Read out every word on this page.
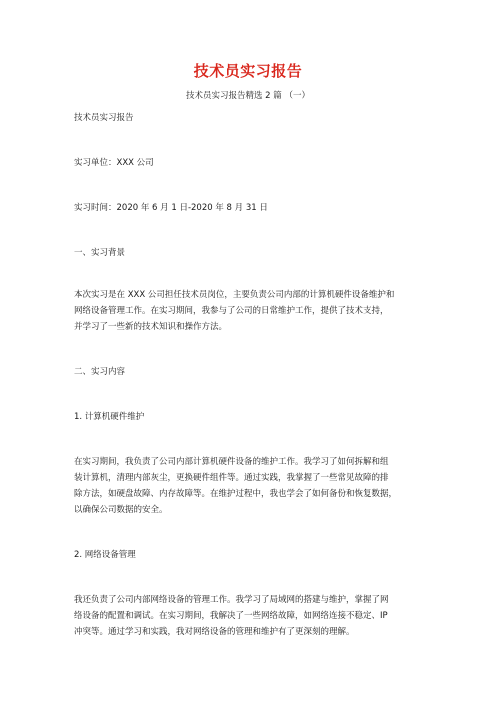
技术员实习报告
技术员实习报告精选 2 篇 （一）

技术员实习报告

实习单位：XXX 公司

实习时间：2020 年 6 月 1 日-2020 年 8 月 31 日

一、实习背景

本次实习是在 XXX 公司担任技术员岗位，主要负责公司内部的计算机硬件设备维护和

网络设备管理工作。在实习期间，我参与了公司的日常维护工作，提供了技术支持，

并学习了一些新的技术知识和操作方法。

二、实习内容

1. 计算机硬件维护

在实习期间，我负责了公司内部计算机硬件设备的维护工作。我学习了如何拆解和组

装计算机，清理内部灰尘，更换硬件组件等。通过实践，我掌握了一些常见故障的排

除方法，如硬盘故障、内存故障等。在维护过程中，我也学会了如何备份和恢复数据，

以确保公司数据的安全。

2. 网络设备管理

我还负责了公司内部网络设备的管理工作。我学习了局域网的搭建与维护，掌握了网

络设备的配置和调试。在实习期间，我解决了一些网络故障，如网络连接不稳定、IP

冲突等。通过学习和实践，我对网络设备的管理和维护有了更深刻的理解。
